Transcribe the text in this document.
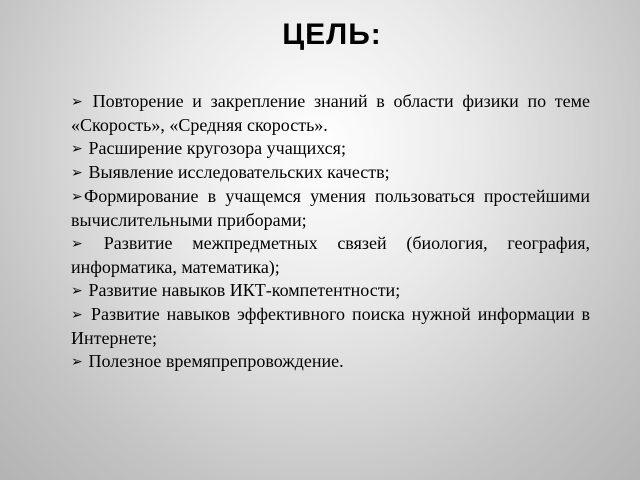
ЦЕЛЬ:
➢ Повторение и закрепление знаний в области физики по теме «Скорость», «Средняя скорость».
➢ Расширение кругозора учащихся;
➢ Выявление исследовательских качеств;
➢Формирование в учащемся умения пользоваться простейшими вычислительными приборами;
➢ Развитие межпредметных связей (биология, география, информатика, математика);
➢ Развитие навыков ИКТ-компетентности;
➢ Развитие навыков эффективного поиска нужной информации в Интернете;
➢ Полезное времяпрепровождение.
